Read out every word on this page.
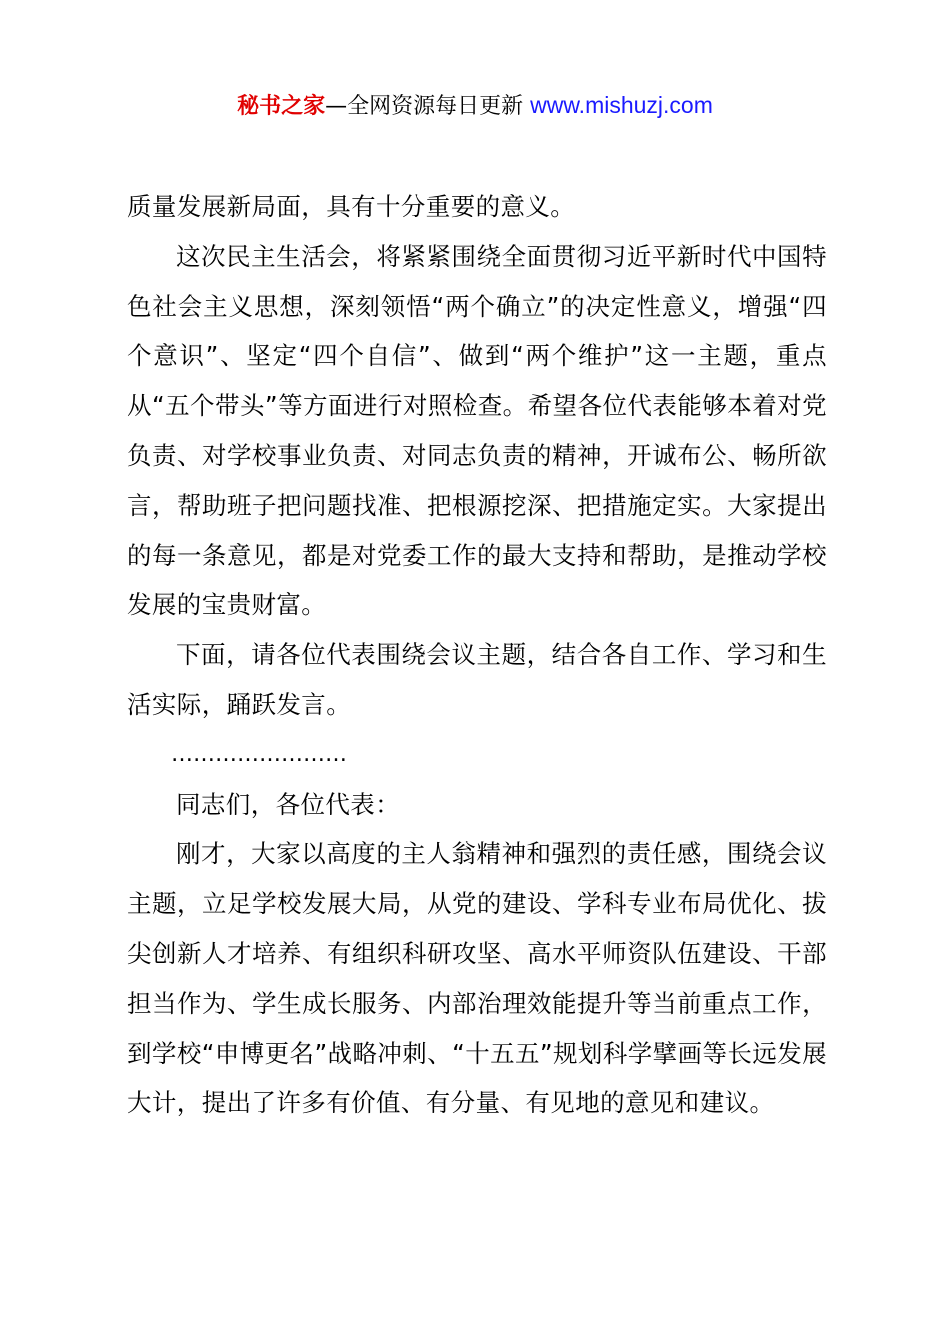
秘书之家—全网资源每日更新 www.mishuzj.com

质量发展新局面，具有十分重要的意义。

这次民主生活会，将紧紧围绕全面贯彻习近平新时代中国特色社会主义思想，深刻领悟“两个确立”的决定性意义，增强“四个意识”、坚定“四个自信”、做到“两个维护”这一主题，重点从“五个带头”等方面进行对照检查。希望各位代表能够本着对党负责、对学校事业负责、对同志负责的精神，开诚布公、畅所欲言，帮助班子把问题找准、把根源挖深、把措施定实。大家提出的每一条意见，都是对党委工作的最大支持和帮助，是推动学校发展的宝贵财富。

下面，请各位代表围绕会议主题，结合各自工作、学习和生活实际，踊跃发言。

……………………

同志们，各位代表：

刚才，大家以高度的主人翁精神和强烈的责任感，围绕会议主题，立足学校发展大局，从党的建设、学科专业布局优化、拔尖创新人才培养、有组织科研攻坚、高水平师资队伍建设、干部担当作为、学生成长服务、内部治理效能提升等当前重点工作，到学校“申博更名”战略冲刺、“十五五”规划科学擘画等长远发展大计，提出了许多有价值、有分量、有见地的意见和建议。
